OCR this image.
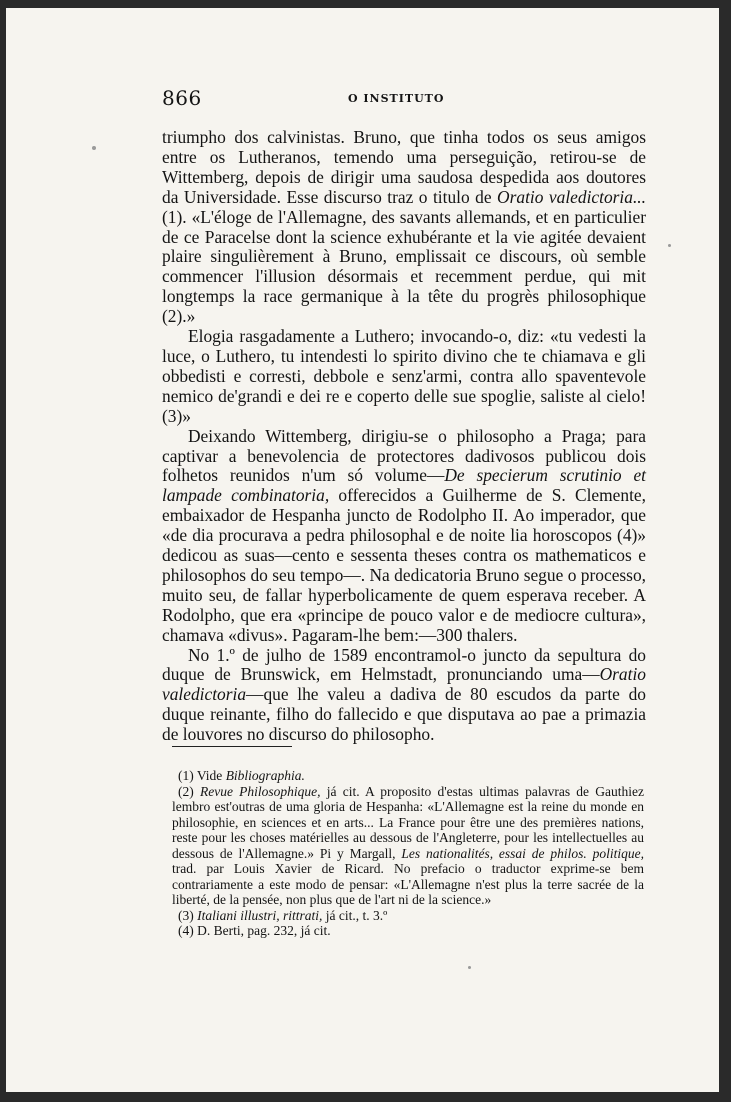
866	O INSTITUTO

triumpho dos calvinistas. Bruno, que tinha todos os seus amigos entre os Lutheranos, temendo uma perseguição, retirou-se de Wittemberg, depois de dirigir uma saudosa despedida aos doutores da Universidade. Esse discurso traz o titulo de Oratio valedictoria... (1). «L'éloge de l'Allemagne, des savants allemands, et en particulier de ce Paracelse dont la science exhubérante et la vie agitée devaient plaire singulièrement à Bruno, emplissait ce discours, où semble commencer l'illusion désormais et recemment perdue, qui mit longtemps la race germanique à la tête du progrès philosophique (2).»

Elogia rasgadamente a Luthero; invocando-o, diz: «tu vedesti la luce, o Luthero, tu intendesti lo spirito divino che te chiamava e gli obbedisti e corresti, debbole e senz'armi, contra allo spaventevole nemico de'grandi e dei re e coperto delle sue spoglie, saliste al cielo! (3)»

Deixando Wittemberg, dirigiu-se o philosopho a Praga; para captivar a benevolencia de protectores dadivosos publicou dois folhetos reunidos n'um só volume—De specierum scrutinio et lampade combinatoria, offerecidos a Guilherme de S. Clemente, embaixador de Hespanha juncto de Rodolpho II. Ao imperador, que «de dia procurava a pedra philosophal e de noite lia horoscopos (4)» dedicou as suas—cento e sessenta theses contra os mathematicos e philosophos do seu tempo—. Na dedicatoria Bruno segue o processo, muito seu, de fallar hyperbolicamente de quem esperava receber. A Rodolpho, que era «principe de pouco valor e de mediocre cultura», chamava «divus». Pagaram-lhe bem:—300 thalers.

No 1.º de julho de 1589 encontramol-o juncto da sepultura do duque de Brunswick, em Helmstadt, pronunciando uma—Oratio valedictoria—que lhe valeu a dadiva de 80 escudos da parte do duque reinante, filho do fallecido e que disputava ao pae a primazia de louvores no discurso do philosopho.

(1) Vide Bibliographia.

(2) Revue Philosophique, já cit. A proposito d'estas ultimas palavras de Gauthiez lembro est'outras de uma gloria de Hespanha: «L'Allemagne est la reine du monde en philosophie, en sciences et en arts... La France pour être une des premières nations, reste pour les choses matérielles au dessous de l'Angleterre, pour les intellectuelles au dessous de l'Allemagne.» Pi y Margall, Les nationalités, essai de philos. politique, trad. par Louis Xavier de Ricard. No prefacio o traductor exprime-se bem contrariamente a este modo de pensar: «L'Allemagne n'est plus la terre sacrée de la liberté, de la pensée, non plus que de l'art ni de la science.»

(3) Italiani illustri, rittrati, já cit., t. 3.º

(4) D. Berti, pag. 232, já cit.
